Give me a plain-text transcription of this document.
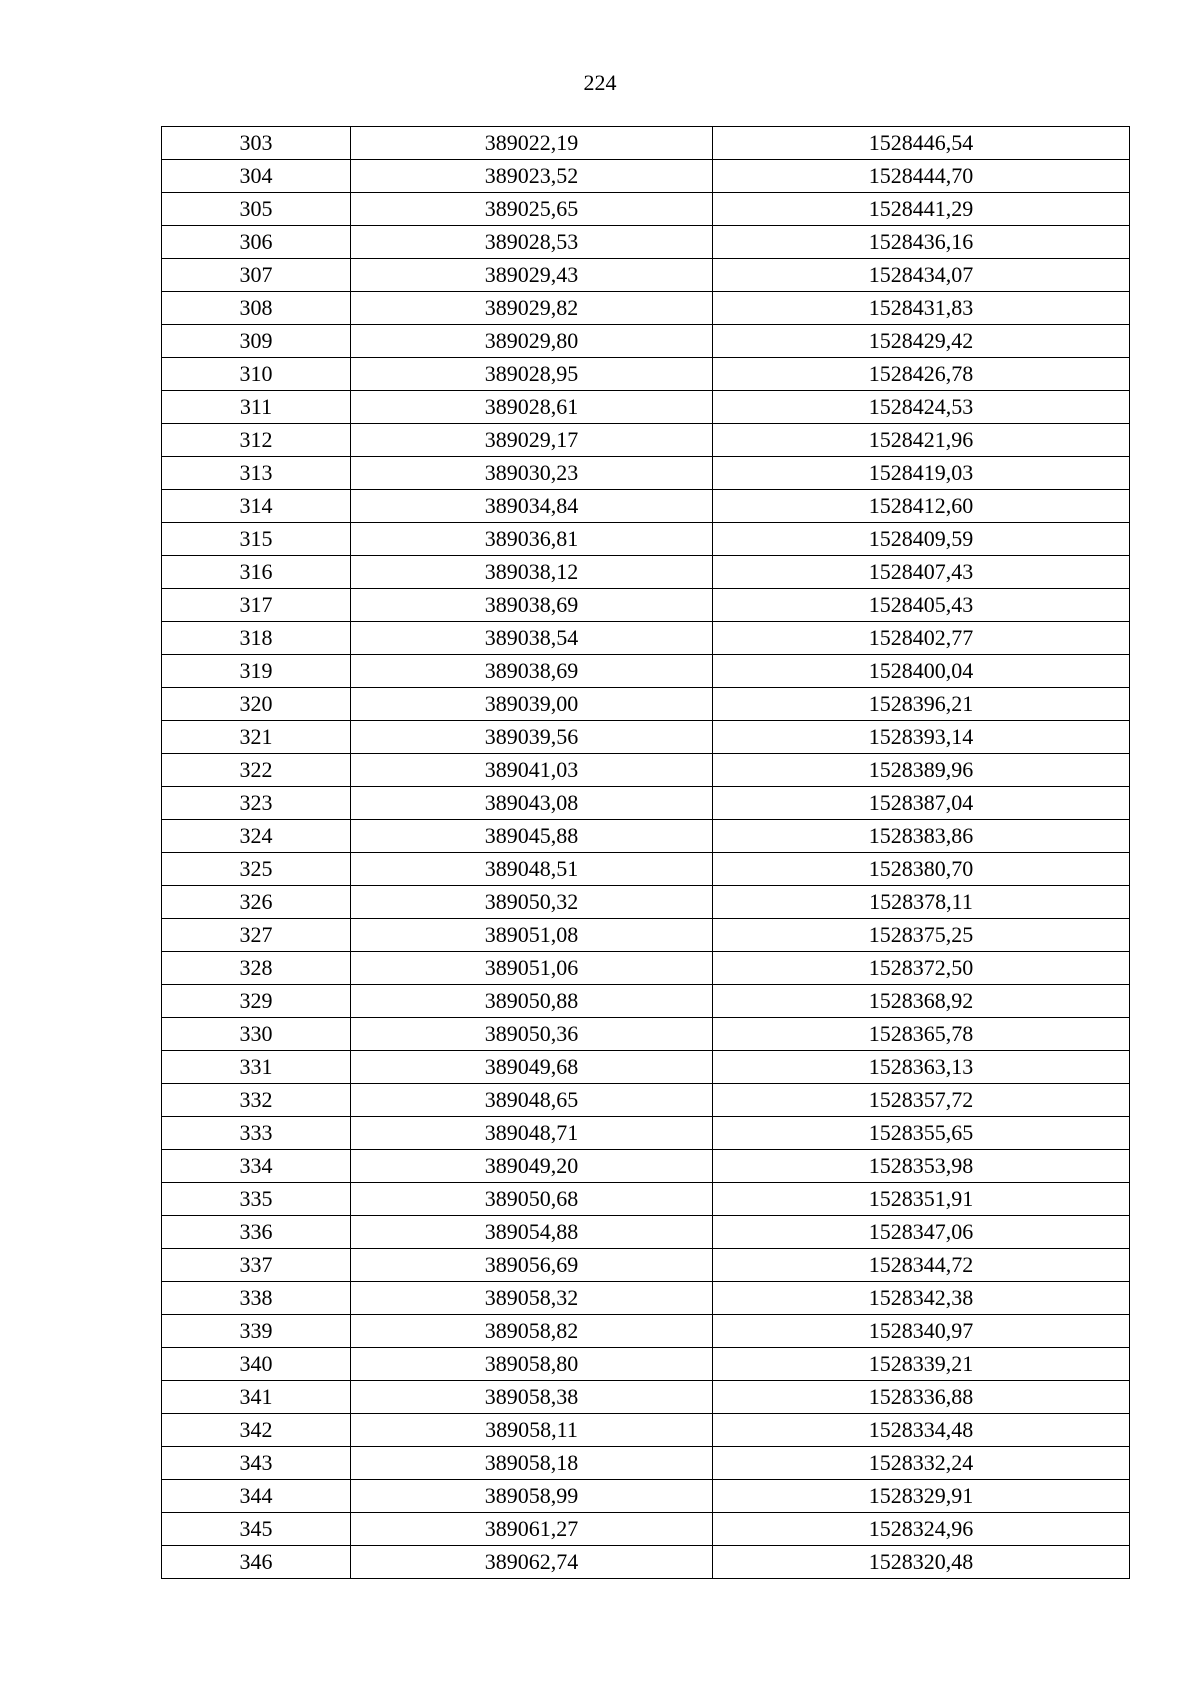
224
303	389022,19	1528446,54
304	389023,52	1528444,70
305	389025,65	1528441,29
306	389028,53	1528436,16
307	389029,43	1528434,07
308	389029,82	1528431,83
309	389029,80	1528429,42
310	389028,95	1528426,78
311	389028,61	1528424,53
312	389029,17	1528421,96
313	389030,23	1528419,03
314	389034,84	1528412,60
315	389036,81	1528409,59
316	389038,12	1528407,43
317	389038,69	1528405,43
318	389038,54	1528402,77
319	389038,69	1528400,04
320	389039,00	1528396,21
321	389039,56	1528393,14
322	389041,03	1528389,96
323	389043,08	1528387,04
324	389045,88	1528383,86
325	389048,51	1528380,70
326	389050,32	1528378,11
327	389051,08	1528375,25
328	389051,06	1528372,50
329	389050,88	1528368,92
330	389050,36	1528365,78
331	389049,68	1528363,13
332	389048,65	1528357,72
333	389048,71	1528355,65
334	389049,20	1528353,98
335	389050,68	1528351,91
336	389054,88	1528347,06
337	389056,69	1528344,72
338	389058,32	1528342,38
339	389058,82	1528340,97
340	389058,80	1528339,21
341	389058,38	1528336,88
342	389058,11	1528334,48
343	389058,18	1528332,24
344	389058,99	1528329,91
345	389061,27	1528324,96
346	389062,74	1528320,48
